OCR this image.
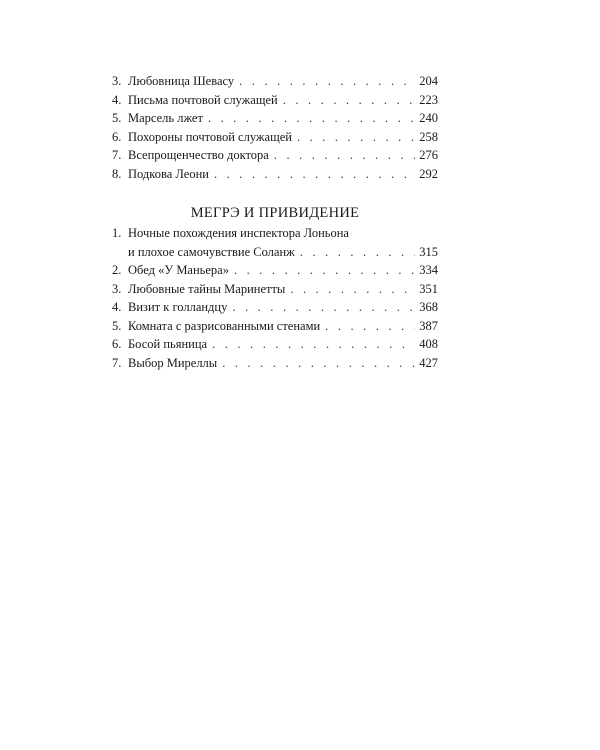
3. Любовница Шевасу . . .	204
4. Письма почтовой служащей . . .	223
5. Марсель лжет . . .	240
6. Похороны почтовой служащей . . .	258
7. Всепрощенчество доктора . . .	276
8. Подкова Леони . . .	292
МЕГРЭ И ПРИВИДЕНИЕ
1. Ночные похождения инспектора Лоньона
и плохое самочувствие Соланж . . .	315
2. Обед «У Маньера» . . .	334
3. Любовные тайны Маринетты . . .	351
4. Визит к голландцу . . .	368
5. Комната с разрисованными стенами . . .	387
6. Босой пьяница . . .	408
7. Выбор Миреллы . . .	427
